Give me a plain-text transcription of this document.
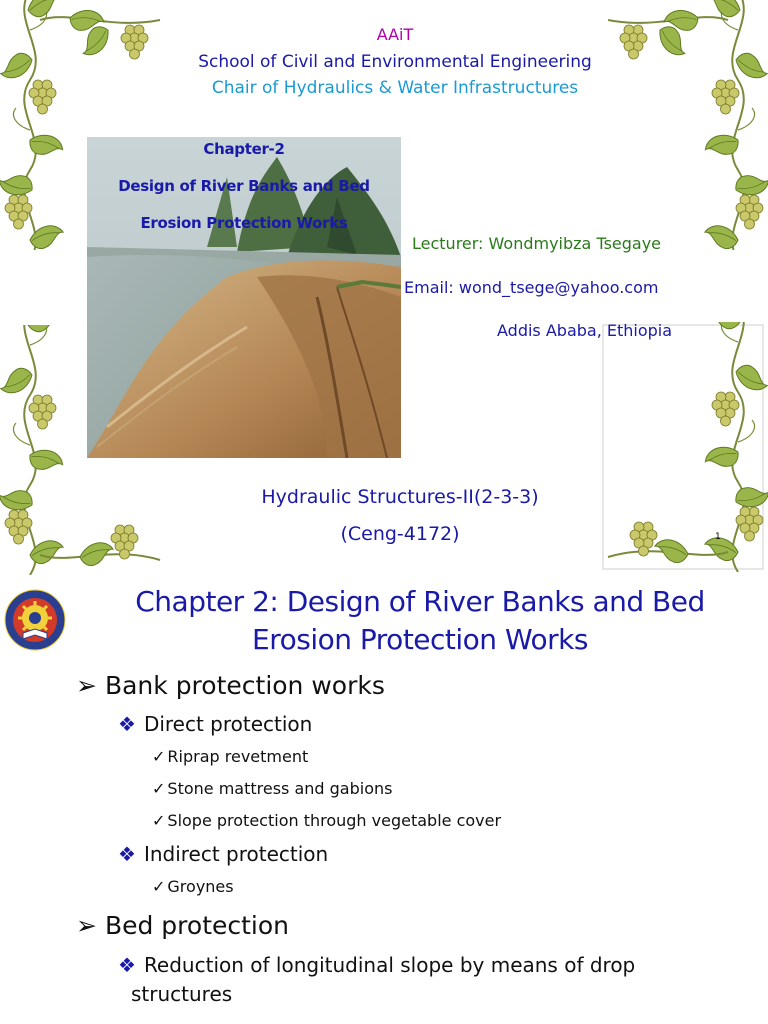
AAiT
School of Civil and Environmental Engineering
Chair of Hydraulics & Water Infrastructures
Chapter-2
Design of River Banks and Bed
Erosion Protection Works
Lecturer: Wondmyibza Tsegaye
Email: wond_tsege@yahoo.com
Addis Ababa, Ethiopia
Hydraulic Structures-II(2-3-3)
(Ceng-4172)	1
Chapter 2: Design of River Banks and Bed
Erosion Protection Works
➢ Bank protection works
❖ Direct protection
✓ Riprap revetment
✓ Stone mattress and gabions
✓ Slope protection through vegetable cover
❖ Indirect protection
✓ Groynes
➢ Bed protection
❖ Reduction of longitudinal slope by means of drop
structures
